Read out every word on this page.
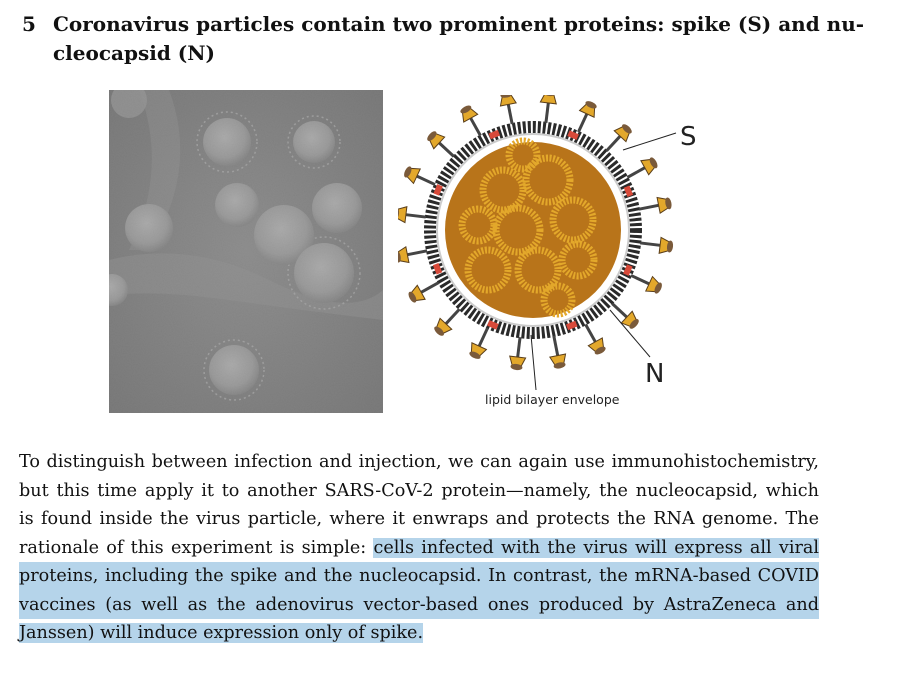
5 Coronavirus particles contain two prominent proteins: spike (S) and nu-
cleocapsid (N)
S
N
lipid bilayer envelope
To distinguish between infection and injection, we can again use immunohistochemistry,
but this time apply it to another SARS-CoV-2 protein—namely, the nucleocapsid, which
is found inside the virus particle, where it enwraps and protects the RNA genome. The
rationale of this experiment is simple: cells infected with the virus will express all viral
proteins, including the spike and the nucleocapsid. In contrast, the mRNA-based COVID
vaccines (as well as the adenovirus vector-based ones produced by AstraZeneca and
Janssen) will induce expression only of spike.
